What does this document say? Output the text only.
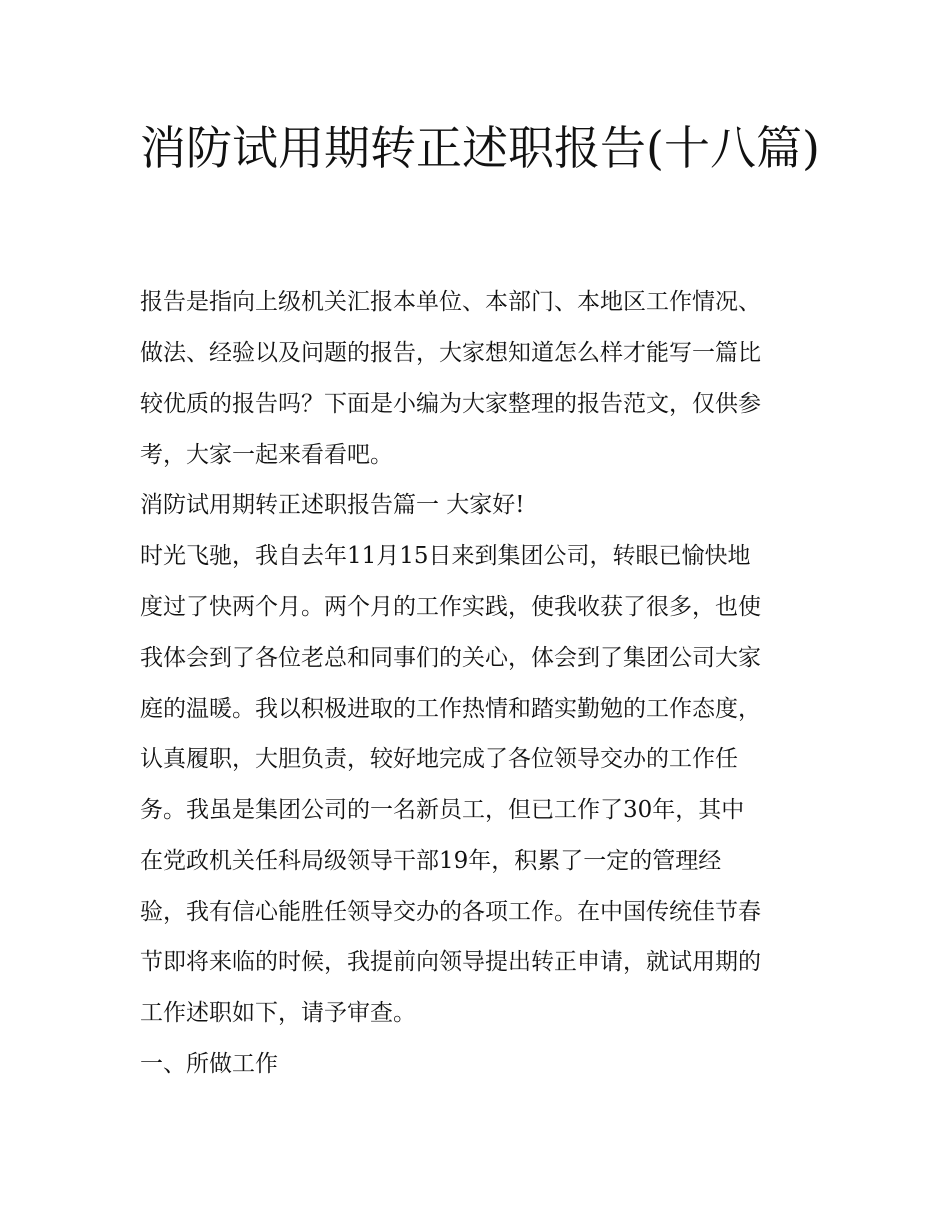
消防试用期转正述职报告(十八篇)

报告是指向上级机关汇报本单位、本部门、本地区工作情况、

做法、经验以及问题的报告，大家想知道怎么样才能写一篇比

较优质的报告吗？下面是小编为大家整理的报告范文，仅供参

考，大家一起来看看吧。

消防试用期转正述职报告篇一 大家好!

时光飞驰，我自去年11月15日来到集团公司，转眼已愉快地

度过了快两个月。两个月的工作实践，使我收获了很多，也使

我体会到了各位老总和同事们的关心，体会到了集团公司大家

庭的温暖。我以积极进取的工作热情和踏实勤勉的工作态度，

认真履职，大胆负责，较好地完成了各位领导交办的工作任

务。我虽是集团公司的一名新员工，但已工作了30年，其中

在党政机关任科局级领导干部19年，积累了一定的管理经

验，我有信心能胜任领导交办的各项工作。在中国传统佳节春

节即将来临的时候，我提前向领导提出转正申请，就试用期的

工作述职如下，请予审查。

一、所做工作
